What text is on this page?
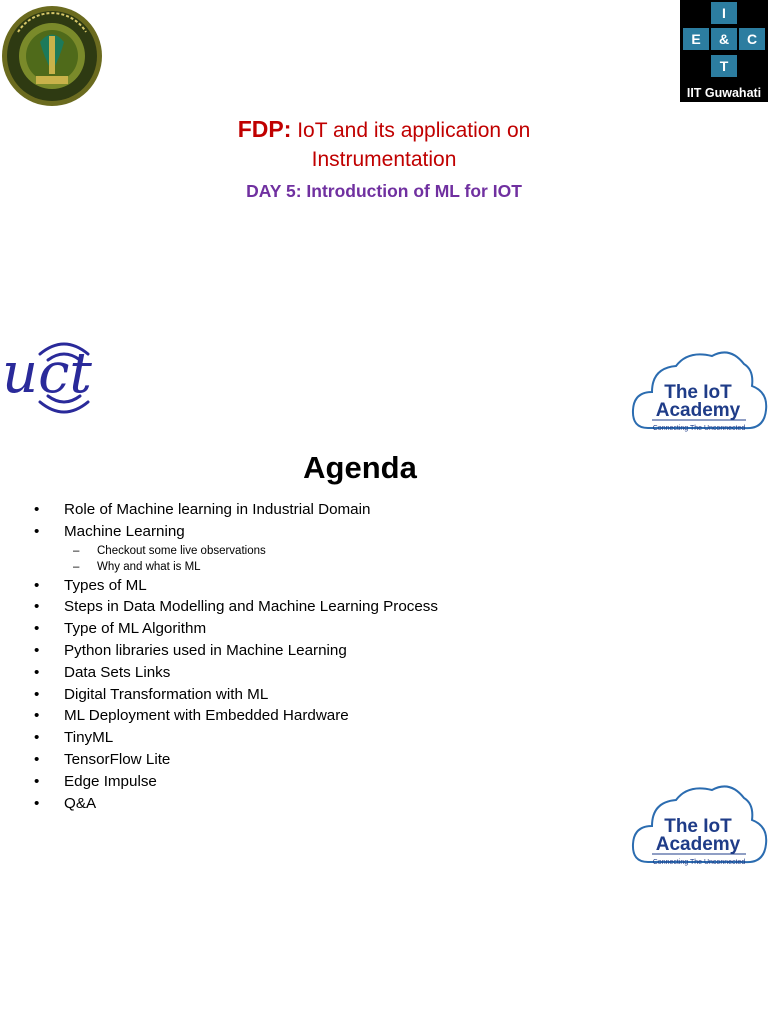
I
E & C
T
IIT Guwahati
FDP: IoT and its application on
Instrumentation
DAY 5: Introduction of ML for IOT
uct	The IoT
Academy
Connecting The Unconnected
Agenda
• Role of Machine learning in Industrial Domain
• Machine Learning
– Checkout some live observations
– Why and what is ML
• Types of ML
• Steps in Data Modelling and Machine Learning Process
• Type of ML Algorithm
• Python libraries used in Machine Learning
• Data Sets Links
• Digital Transformation with ML
• ML Deployment with Embedded Hardware
• TinyML
• TensorFlow Lite
• Edge Impulse
• Q&A
The IoT
Academy
Connecting The Unconnected
